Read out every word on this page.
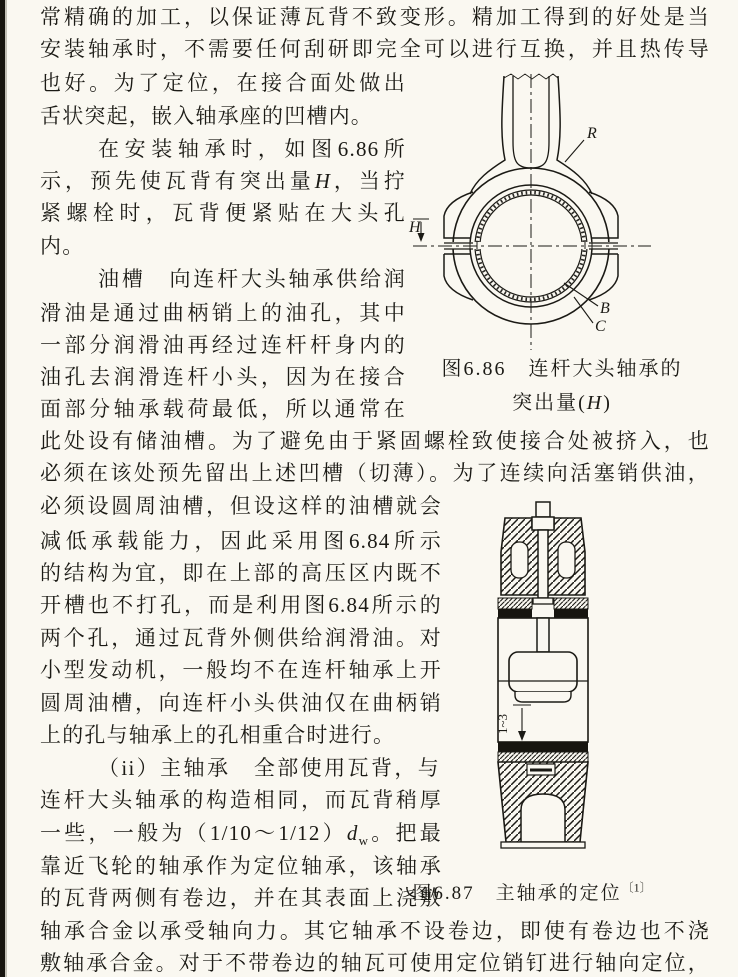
常精确的加工，以保证薄瓦背不致变形。精加工得到的好处是当
安装轴承时，不需要任何刮研即完全可以进行互换，并且热传导
也好。为了定位，在接合面处做出
舌状突起，嵌入轴承座的凹槽内。
在安装轴承时，如图6.86所
示，预先使瓦背有突出量H，当拧
紧螺栓时，瓦背便紧贴在大头孔
内。
油槽　向连杆大头轴承供给润
滑油是通过曲柄销上的油孔，其中
一部分润滑油再经过连杆杆身内的
油孔去润滑连杆小头，因为在接合
面部分轴承载荷最低，所以通常在
此处设有储油槽。为了避免由于紧固螺栓致使接合处被挤入，也
必须在该处预先留出上述凹槽（切薄）。为了连续向活塞销供油，
必须设圆周油槽，但设这样的油槽就会
减低承载能力，因此采用图6.84所示
的结构为宜，即在上部的高压区内既不
开槽也不打孔，而是利用图6.84所示的
两个孔，通过瓦背外侧供给润滑油。对
小型发动机，一般均不在连杆轴承上开
圆周油槽，向连杆小头供油仅在曲柄销
上的孔与轴承上的孔相重合时进行。
（ii）主轴承　全部使用瓦背，与
连杆大头轴承的构造相同，而瓦背稍厚
一些，一般为$(1/10\sim 1/12)d_w$。把最
靠近飞轮的轴承作为定位轴承，该轴承
的瓦背两侧有卷边，并在其表面上浇敷
轴承合金以承受轴向力。其它轴承不设卷边，即使有卷边也不浇
敷轴承合金。对于不带卷边的轴瓦可使用定位销钉进行轴向定位，
H
R
B
C
图6.86　连杆大头轴承的
突出量(H)
1~3
图6.87　主轴承的定位$^{〔1〕}$
